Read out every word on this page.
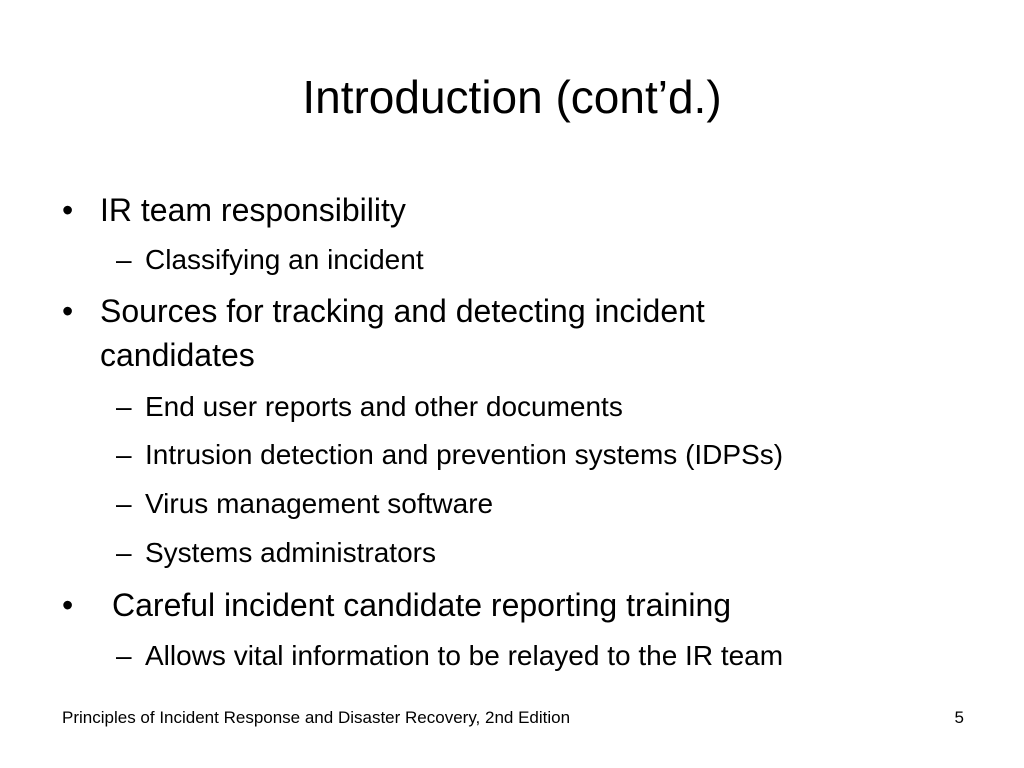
Introduction (cont’d.)
• IR team responsibility
– Classifying an incident
• Sources for tracking and detecting incident candidates
– End user reports and other documents
– Intrusion detection and prevention systems (IDPSs)
– Virus management software
– Systems administrators
•	Careful incident candidate reporting training
– Allows vital information to be relayed to the IR team
Principles of Incident Response and Disaster Recovery, 2nd Edition	5
